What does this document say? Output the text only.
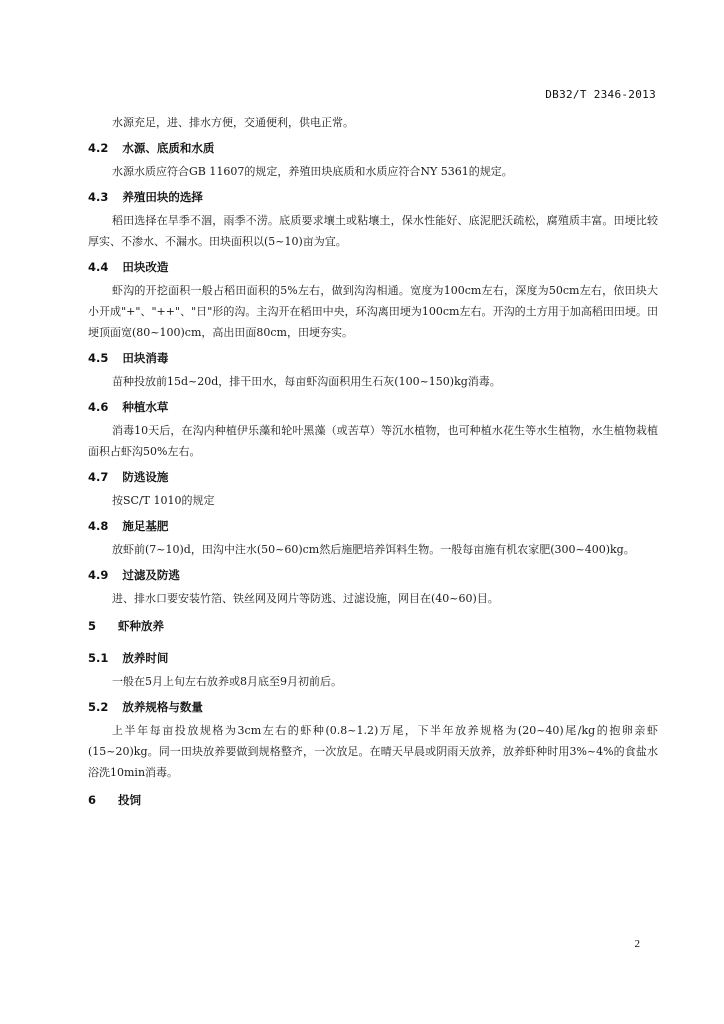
DB32/T 2346-2013

水源充足，进、排水方便，交通便利，供电正常。

4.2 水源、底质和水质

水源水质应符合GB 11607的规定，养殖田块底质和水质应符合NY 5361的规定。

4.3 养殖田块的选择

稻田选择在旱季不涸，雨季不涝。底质要求壤土或粘壤土，保水性能好、底泥肥沃疏松，腐殖质丰富。田埂比较厚实、不渗水、不漏水。田块面积以(5~10)亩为宜。

4.4 田块改造

虾沟的开挖面积一般占稻田面积的5%左右，做到沟沟相通。宽度为100cm左右，深度为50cm左右，依田块大小开成"+"、"++"、"日"形的沟。主沟开在稻田中央，环沟离田埂为100cm左右。开沟的土方用于加高稻田田埂。田埂顶面宽(80~100)cm，高出田面80cm，田埂夯实。

4.5 田块消毒

苗种投放前15d~20d，排干田水，每亩虾沟面积用生石灰(100~150)kg消毒。

4.6 种植水草

消毒10天后，在沟内种植伊乐藻和轮叶黑藻（或苦草）等沉水植物，也可种植水花生等水生植物，水生植物栽植面积占虾沟50%左右。

4.7 防逃设施

按SC/T 1010的规定

4.8 施足基肥

放虾前(7~10)d，田沟中注水(50~60)cm然后施肥培养饵料生物。一般每亩施有机农家肥(300~400)kg。

4.9 过滤及防逃

进、排水口要安装竹箔、铁丝网及网片等防逃、过滤设施，网目在(40~60)目。

5	虾种放养
5.1 放养时间

一般在5月上旬左右放养或8月底至9月初前后。

5.2 放养规格与数量

上半年每亩投放规格为3cm左右的虾种(0.8~1.2)万尾，下半年放养规格为(20~40)尾/kg的抱卵亲虾(15~20)kg。同一田块放养要做到规格整齐，一次放足。在晴天早晨或阴雨天放养，放养虾种时用3%~4%的食盐水浴洗10min消毒。

6	投饲
2
